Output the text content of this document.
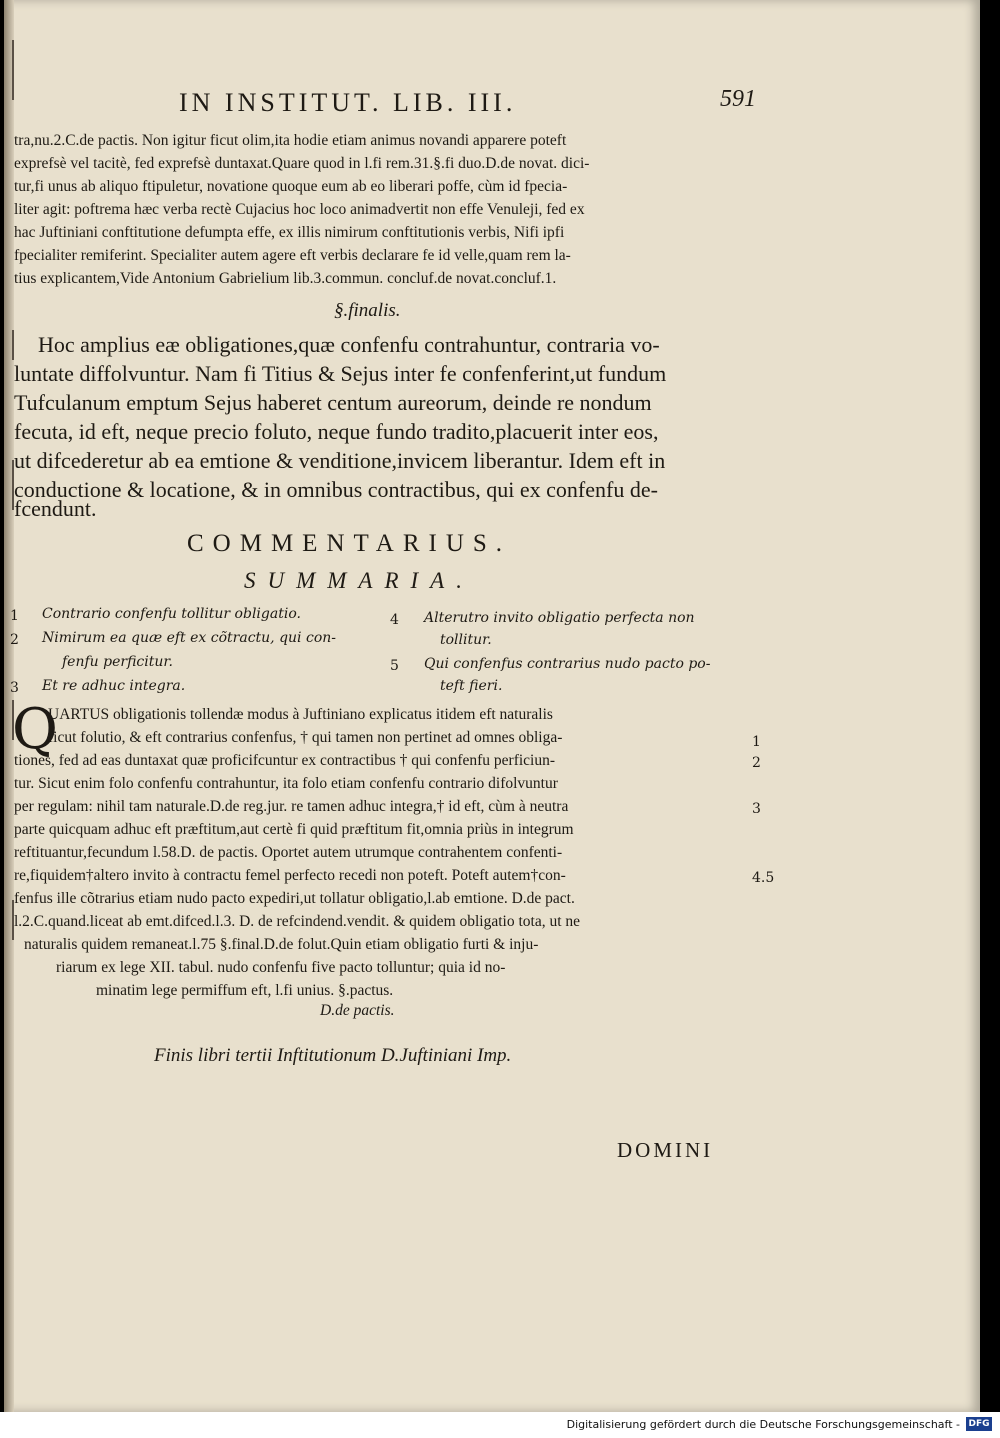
IN INSTITUT. LIB. III.	591
tra,nu.2.C.de pactis. Non igitur ficut olim,ita hodie etiam animus novandi apparere poteft
exprefsè vel tacitè, fed exprefsè duntaxat.Quare quod in l.fi rem.31.§.fi duo.D.de novat. dici-
tur,fi unus ab aliquo ftipuletur, novatione quoque eum ab eo liberari poffe, cùm id fpecia-
liter agit: poftrema hæc verba rectè Cujacius hoc loco animadvertit non effe Venuleji, fed ex
hac Juftiniani conftitutione defumpta effe, ex illis nimirum conftitutionis verbis, Nifi ipfi
fpecialiter remiferint. Specialiter autem agere eft verbis declarare fe id velle,quam rem la-
tius explicantem,Vide Antonium Gabrielium lib.3.commun. concluf.de novat.concluf.1.
§.finalis.
Hoc amplius eæ obligationes,quæ confenfu contrahuntur, contraria vo-
luntate diffolvuntur. Nam fi Titius & Sejus inter fe confenferint,ut fundum
Tufculanum emptum Sejus haberet centum aureorum, deinde re nondum
fecuta, id eft, neque precio foluto, neque fundo tradito,placuerit inter eos,
ut difcederetur ab ea emtione & venditione,invicem liberantur. Idem eft in
conductione & locatione, & in omnibus contractibus, qui ex confenfu de-
fcendunt.
COMMENTARIUS.
SUMMARIA.
1 Contrario confenfu tollitur obligatio.
2 Nimirum ea quæ eft ex cõtractu, qui con-
fenfu perficitur.
3 Et re adhuc integra.
4 Alterutro invito obligatio perfecta non
tollitur.
5 Qui confenfus contrarius nudo pacto po-
teft fieri.
Q
UARTUS obligationis tollendæ modus à Juftiniano explicatus itidem eft naturalis
ficut folutio, & eft contrarius confenfus, † qui tamen non pertinet ad omnes obliga-
tiones, fed ad eas duntaxat quæ proficifcuntur ex contractibus † qui confenfu perficiun-
tur. Sicut enim folo confenfu contrahuntur, ita folo etiam confenfu contrario difolvuntur
per regulam: nihil tam naturale.D.de reg.jur. re tamen adhuc integra,† id eft, cùm à neutra
parte quicquam adhuc eft præftitum,aut certè fi quid præftitum fit,omnia priùs in integrum
reftituantur,fecundum l.58.D. de pactis. Oportet autem utrumque contrahentem confenti-
re,fiquidem†altero invito à contractu femel perfecto recedi non poteft. Poteft autem†con-
fenfus ille cõtrarius etiam nudo pacto expediri,ut tollatur obligatio,l.ab emtione. D.de pact.
l.2.C.quand.liceat ab emt.difced.l.3. D. de refcindend.vendit. & quidem obligatio tota, ut ne
naturalis quidem remaneat.l.75 §.final.D.de folut.Quin etiam obligatio furti & inju-
riarum ex lege XII. tabul. nudo confenfu five pacto tolluntur; quia id no-
minatim lege permiffum eft, l.fi unius. §.pactus.
D.de pactis.
1
2
3
4.5
Finis libri tertii Inftitutionum D.Juftiniani Imp.
DOMINI
Digitalisierung gefördert durch die Deutsche Forschungsgemeinschaft - DFG
